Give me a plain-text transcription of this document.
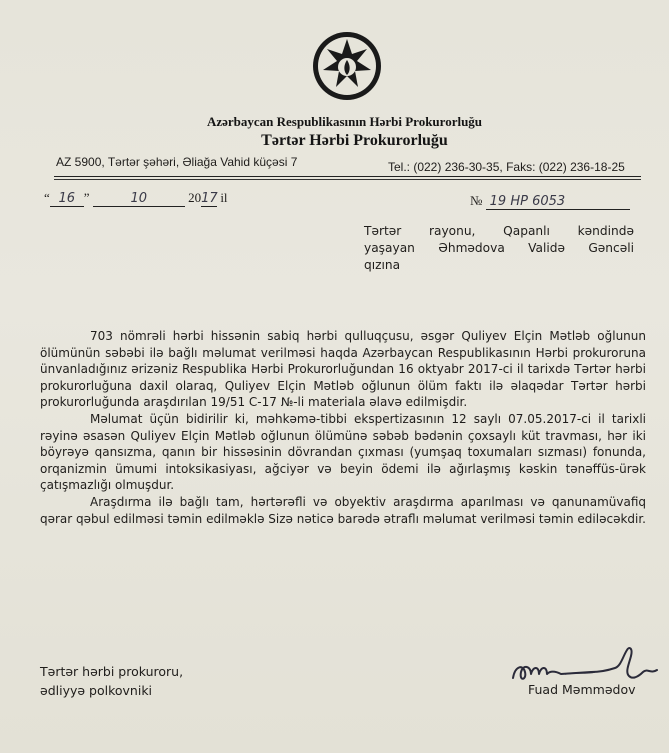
Azərbaycan Respublikasının Hərbi Prokurorluğu
Tərtər Hərbi Prokurorluğu
AZ 5900, Tərtər şəhəri, Əliağa Vahid küçəsi 7	Tel.: (022) 236-30-35, Faks: (022) 236-18-25
“ 16 ”	10	2017 il	№ 19 HP 6053
Tərtər rayonu, Qapanlı kəndində
yaşayan Əhmədova Validə Gəncəli
qızına

703 nömrəli hərbi hissənin sabiq hərbi qulluqçusu, əsgər Quliyev Elçin Mətləb oğlunun ölümünün səbəbi ilə bağlı məlumat verilməsi haqda Azərbaycan Respublikasının Hərbi prokuroruna ünvanladığınız ərizəniz Respublika Hərbi Prokurorluğundan 16 oktyabr 2017-ci il tarixdə Tərtər hərbi prokurorluğuna daxil olaraq, Quliyev Elçin Mətləb oğlunun ölüm faktı ilə əlaqədar Tərtər hərbi prokurorluğunda araşdırılan 19/51 C-17 №-li materiala əlavə edilmişdir.

Məlumat üçün bidirilir ki, məhkəmə-tibbi ekspertizasının 12 saylı 07.05.2017-ci il tarixli rəyinə əsasən Quliyev Elçin Mətləb oğlunun ölümünə səbəb bədənin çoxsaylı küt travması, hər iki böyrəyə qansızma, qanın bir hissəsinin dövrandan çıxması (yumşaq toxumaları sızması) fonunda, orqanizmin ümumi intoksikasiyası, ağciyər və beyin ödemi ilə ağırlaşmış kəskin tənəffüs-ürək çatışmazlığı olmuşdur.

Araşdırma ilə bağlı tam, hərtərəfli və obyektiv araşdırma aparılması və qanunamüvafiq qərar qəbul edilməsi təmin edilməklə Sizə nəticə barədə ətraflı məlumat verilməsi təmin ediləcəkdir.

Tərtər hərbi prokuroru,
ədliyyə polkovniki	Fuad Məmmədov
